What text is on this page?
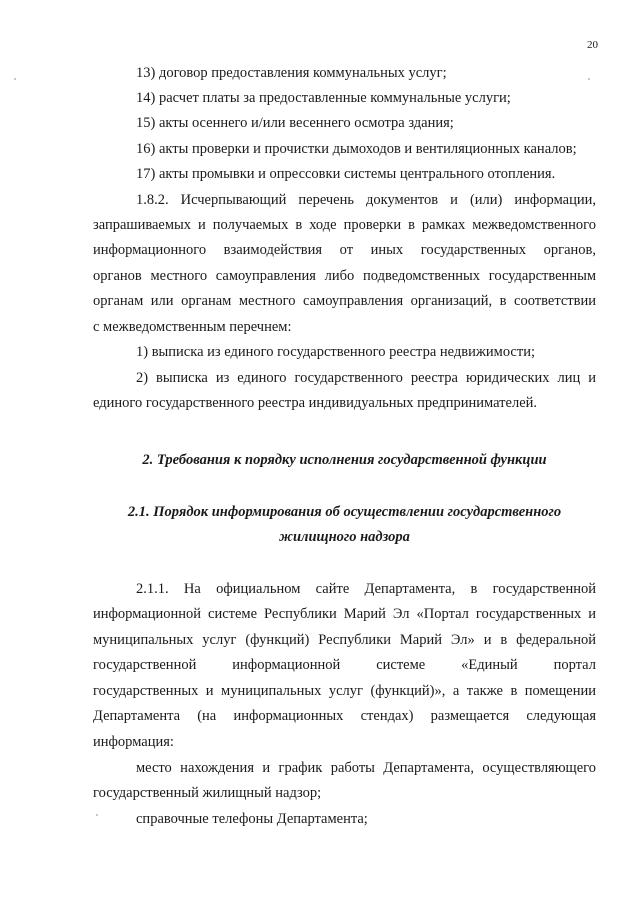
20
13) договор предоставления коммунальных услуг;
14) расчет платы за предоставленные коммунальные услуги;
15) акты осеннего и/или весеннего осмотра здания;
16) акты проверки и прочистки дымоходов и вентиляционных каналов;
17) акты промывки и опрессовки системы центрального отопления.
1.8.2. Исчерпывающий перечень документов и (или) информации,
запрашиваемых и получаемых в ходе проверки в рамках межведомственного
информационного взаимодействия от иных государственных органов,
органов местного самоуправления либо подведомственных государственным
органам или органам местного самоуправления организаций, в соответствии
с межведомственным перечнем:
1) выписка из единого государственного реестра недвижимости;
2) выписка из единого государственного реестра юридических лиц и
единого государственного реестра индивидуальных предпринимателей.
2. Требования к порядку исполнения государственной функции
2.1. Порядок информирования об осуществлении государственного
жилищного надзора
2.1.1. На официальном сайте Департамента, в государственной
информационной системе Республики Марий Эл «Портал государственных и
муниципальных услуг (функций) Республики Марий Эл» и в федеральной
государственной информационной системе «Единый портал
государственных и муниципальных услуг (функций)», а также в помещении
Департамента (на информационных стендах) размещается следующая
информация:
место нахождения и график работы Департамента, осуществляющего
государственный жилищный надзор;
справочные телефоны Департамента;
